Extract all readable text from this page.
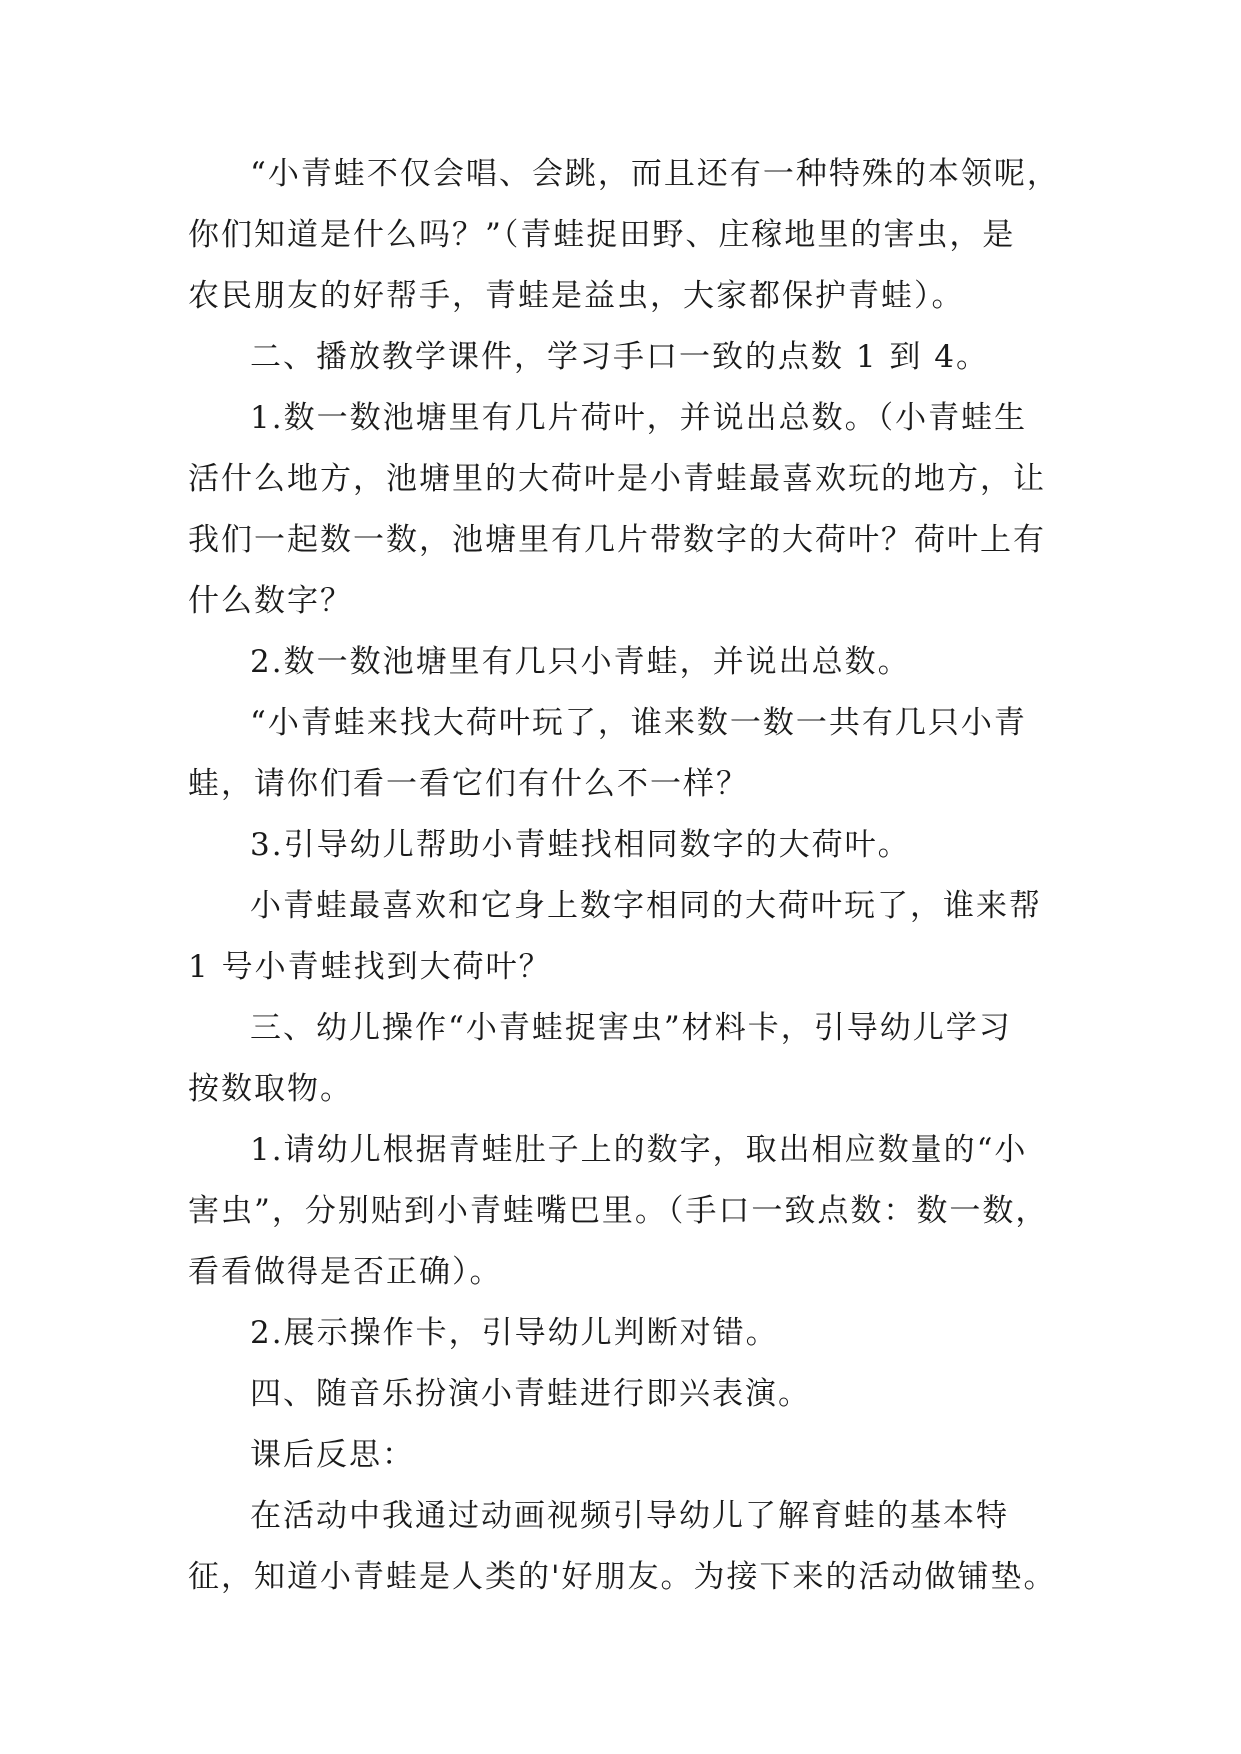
“小青蛙不仅会唱、会跳，而且还有一种特殊的本领呢，
你们知道是什么吗？”（青蛙捉田野、庄稼地里的害虫，是
农民朋友的好帮手，青蛙是益虫，大家都保护青蛙）。
二、播放教学课件，学习手口一致的点数 1 到 4。
1.数一数池塘里有几片荷叶，并说出总数。（小青蛙生
活什么地方，池塘里的大荷叶是小青蛙最喜欢玩的地方，让
我们一起数一数，池塘里有几片带数字的大荷叶？荷叶上有
什么数字？
2.数一数池塘里有几只小青蛙，并说出总数。
“小青蛙来找大荷叶玩了，谁来数一数一共有几只小青
蛙，请你们看一看它们有什么不一样？
3.引导幼儿帮助小青蛙找相同数字的大荷叶。
小青蛙最喜欢和它身上数字相同的大荷叶玩了，谁来帮
1 号小青蛙找到大荷叶？
三、幼儿操作“小青蛙捉害虫”材料卡，引导幼儿学习
按数取物。
1.请幼儿根据青蛙肚子上的数字，取出相应数量的“小
害虫”，分别贴到小青蛙嘴巴里。（手口一致点数：数一数，
看看做得是否正确）。
2.展示操作卡，引导幼儿判断对错。
四、随音乐扮演小青蛙进行即兴表演。
课后反思：
在活动中我通过动画视频引导幼儿了解育蛙的基本特
征，知道小青蛙是人类的'好朋友。为接下来的活动做铺垫。
